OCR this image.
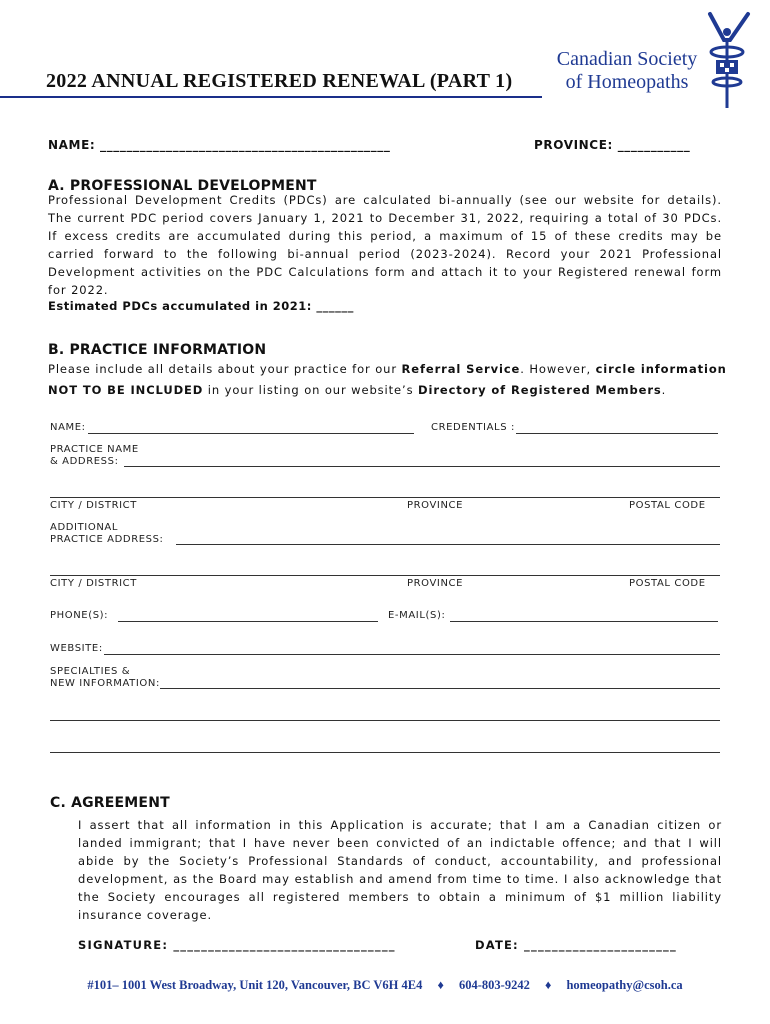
2022 ANNUAL REGISTERED RENEWAL (PART 1)
Canadian Society
of Homeopaths
NAME: ____________________________________________	PROVINCE: ___________
A. PROFESSIONAL DEVELOPMENT
Professional Development Credits (PDCs) are calculated bi-annually (see our website for details). The current PDC period covers January 1, 2021 to December 31, 2022, requiring a total of 30 PDCs. If excess credits are accumulated during this period, a maximum of 15 of these credits may be carried forward to the following bi-annual period (2023-2024). Record your 2021 Professional Development activities on the PDC Calculations form and attach it to your Registered renewal form for 2022.
Estimated PDCs accumulated in 2021: ______
B. PRACTICE INFORMATION
Please include all details about your practice for our Referral Service. However, circle information NOT TO BE INCLUDED in your listing on our website’s Directory of Registered Members.
NAME:	CREDENTIALS :
PRACTICE NAME
& ADDRESS:
CITY / DISTRICT	PROVINCE	POSTAL CODE
ADDITIONAL
PRACTICE ADDRESS:
CITY / DISTRICT	PROVINCE	POSTAL CODE
PHONE(S):	E-MAIL(S):
WEBSITE:
SPECIALTIES &
NEW INFORMATION:
C. AGREEMENT
I assert that all information in this Application is accurate; that I am a Canadian citizen or landed immigrant; that I have never been convicted of an indictable offence; and that I will abide by the Society’s Professional Standards of conduct, accountability, and professional development, as the Board may establish and amend from time to time. I also acknowledge that the Society encourages all registered members to obtain a minimum of $1 million liability insurance coverage.
SIGNATURE: ________________________________	DATE: ______________________
#101– 1001 West Broadway, Unit 120, Vancouver, BC V6H 4E4 ♦ 604-803-9242 ♦ homeopathy@csoh.ca
